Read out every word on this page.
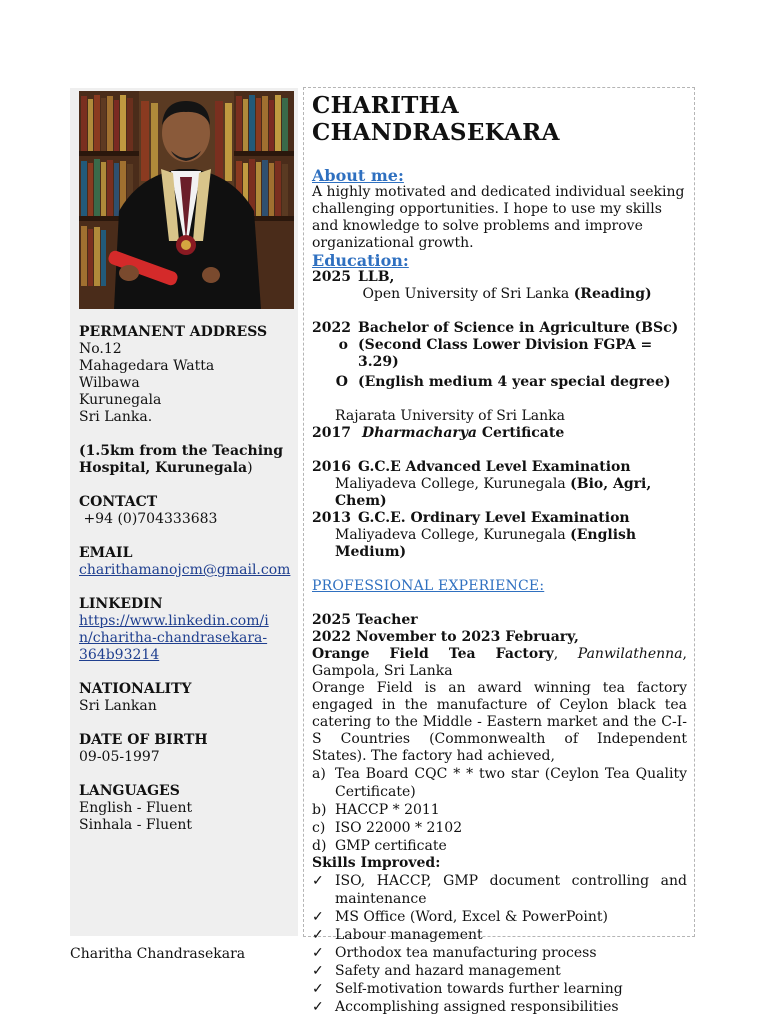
PERMANENT ADDRESS

No.12

Mahagedara Watta

Wilbawa

Kurunegala

Sri Lanka.

(1.5km from the Teaching Hospital, Kurunegala)

CONTACT

+94 (0)704333683

EMAIL

charithamanojcm@gmail.com

LINKEDIN

https://www.linkedin.com/in/charitha-chandrasekara-364b93214

NATIONALITY

Sri Lankan

DATE OF BIRTH

09-05-1997

LANGUAGES

English - Fluent

Sinhala - Fluent

CHARITHA

CHANDRASEKARA

About me:

A highly motivated and dedicated individual seeking challenging opportunities. I hope to use my skills and knowledge to solve problems and improve organizational growth.

Education:

2025 LLB, Open University of Sri Lanka (Reading)
2022 Bachelor of Science in Agriculture (BSc)
o (Second Class Lower Division FGPA = 3.29)
O (English medium 4 year special degree)

Rajarata University of Sri Lanka

2017 Dharmacharya Certificate
2016 G.C.E Advanced Level Examination

Maliyadeva College, Kurunegala (Bio, Agri, Chem)

2013 G.C.E. Ordinary Level Examination

Maliyadeva College, Kurunegala (English Medium)

PROFESSIONAL EXPERIENCE:

2025 Teacher

2022 November to 2023 February,

Orange Field Tea Factory, Panwilathenna, Gampola, Sri Lanka

Orange Field is an award winning tea factory engaged in the manufacture of Ceylon black tea catering to the Middle - Eastern market and the C-I-S Countries (Commonwealth of Independent States). The factory had achieved,

a) Tea Board CQC * * two star (Ceylon Tea Quality Certificate)
b) HACCP * 2011
c) ISO 22000 * 2102
d) GMP certificate

Skills Improved:

✓ ISO, HACCP, GMP document controlling and maintenance
✓ MS Office (Word, Excel & PowerPoint)
✓ Labour management
✓ Orthodox tea manufacturing process
✓ Safety and hazard management
✓ Self-motivation towards further learning
✓ Accomplishing assigned responsibilities
Charitha Chandrasekara
